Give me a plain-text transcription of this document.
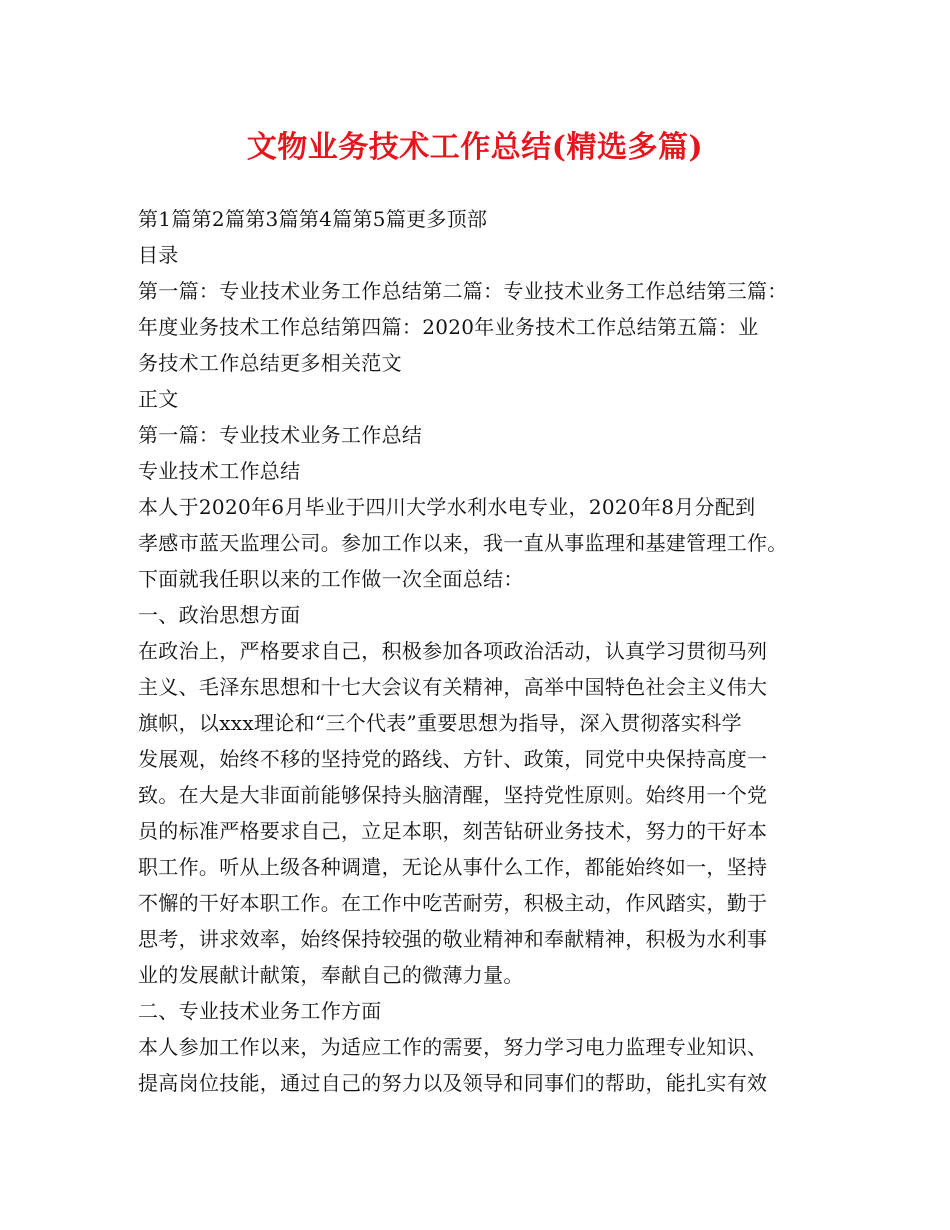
文物业务技术工作总结(精选多篇)
第1篇第2篇第3篇第4篇第5篇更多顶部
目录
第一篇：专业技术业务工作总结第二篇：专业技术业务工作总结第三篇：
年度业务技术工作总结第四篇：2020年业务技术工作总结第五篇：业
务技术工作总结更多相关范文
正文
第一篇：专业技术业务工作总结
专业技术工作总结
本人于2020年6月毕业于四川大学水利水电专业，2020年8月分配到
孝感市蓝天监理公司。参加工作以来，我一直从事监理和基建管理工作。
下面就我任职以来的工作做一次全面总结：
一、政治思想方面
在政治上，严格要求自己，积极参加各项政治活动，认真学习贯彻马列
主义、毛泽东思想和十七大会议有关精神，高举中国特色社会主义伟大
旗帜，以xxx理论和“三个代表”重要思想为指导，深入贯彻落实科学
发展观，始终不移的坚持党的路线、方针、政策，同党中央保持高度一
致。在大是大非面前能够保持头脑清醒，坚持党性原则。始终用一个党
员的标准严格要求自己，立足本职，刻苦钻研业务技术，努力的干好本
职工作。听从上级各种调遣，无论从事什么工作，都能始终如一，坚持
不懈的干好本职工作。在工作中吃苦耐劳，积极主动，作风踏实，勤于
思考，讲求效率，始终保持较强的敬业精神和奉献精神，积极为水利事
业的发展献计献策，奉献自己的微薄力量。
二、专业技术业务工作方面
本人参加工作以来，为适应工作的需要，努力学习电力监理专业知识、
提高岗位技能，通过自己的努力以及领导和同事们的帮助，能扎实有效
